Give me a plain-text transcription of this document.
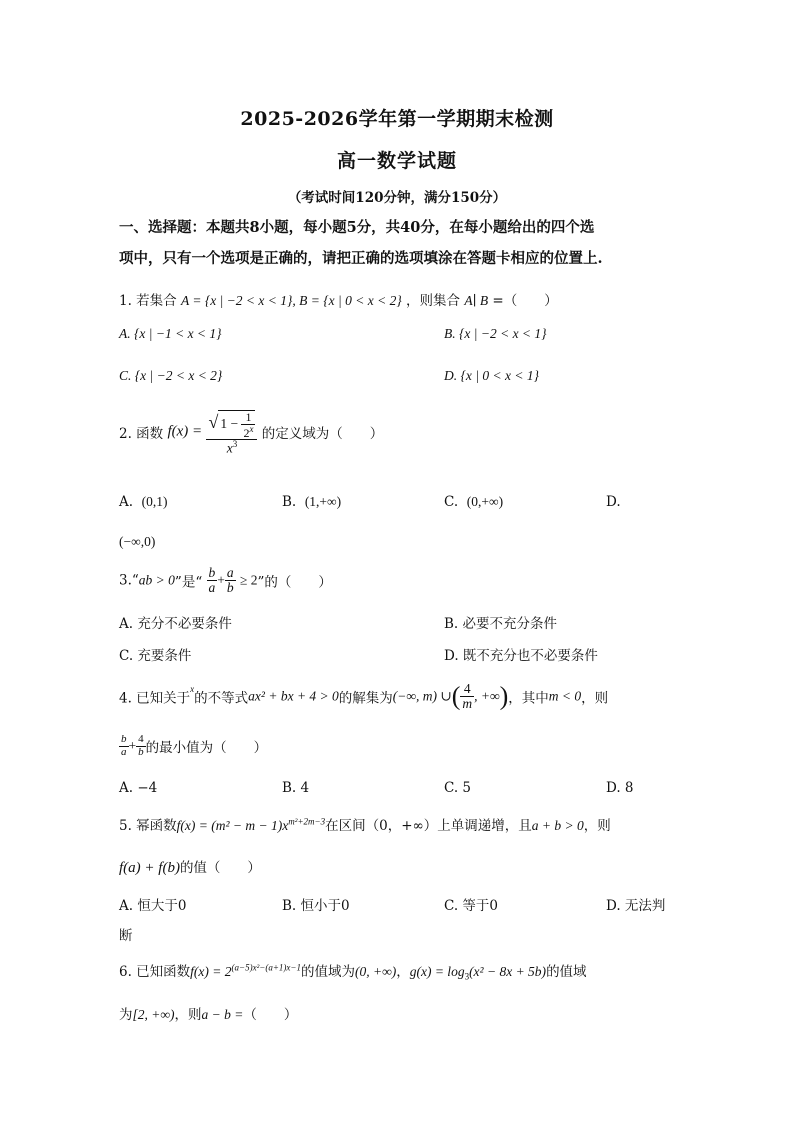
2025-2026学年第一学期期末检测
高一数学试题
（考试时间120分钟，满分150分）
一、选择题：本题共8小题，每小题5分，共40分，在每小题给出的四个选
项中，只有一个选项是正确的，请把正确的选项填涂在答题卡相应的位置上.
1. 若集合 A = {x | −2 < x < 1}, B = {x | 0 < x < 2} ，则集合 A∣ B =（　　）
A. {x | −1 < x < 1}	B. {x | −2 < x < 1}
C. {x | −2 < x < 2}	D. {x | 0 < x < 1}
2. 函数 $f(x) = \frac{√ 1 - \frac{1}{2^x}}{x^3}$ 的定义域为（　　）
A. (0,1)	B. (1,+∞)	C. (0,+∞)	D.
(−∞,0)
3.“ab > 0”是“ $\frac{b}{a} + \frac{a}{b} \ge 2$”的（　　）
A. 充分不必要条件	B. 必要不充分条件
C. 充要条件	D. 既不充分也不必要条件
4. 已知关于$^x$的不等式ax² + bx + 4 > 0的解集为(−∞, m) ∪( $\frac{4}{m}$ , +∞)，其中m < 0，则
$\frac{b}{a} + \frac{4}{b}$ 的最小值为（　　）
A. −4	B. 4	C. 5	D. 8
5. 幂函数$f(x) = (m^2 - m - 1)x^{m^2+2m-3}$在区间（0，+∞）上单调递增，且a + b > 0，则
f(a) + f(b)的值（　　）
A. 恒大于0	B. 恒小于0	C. 等于0	D. 无法判
断
6. 已知函数$f(x) = 2^{(a-5)x^2-(a+1)x-1}$的值域为(0, +∞)，$g(x) = \log_3(x^2 - 8x + 5b)$的值域
为[2, +∞)，则a − b =（　　）
